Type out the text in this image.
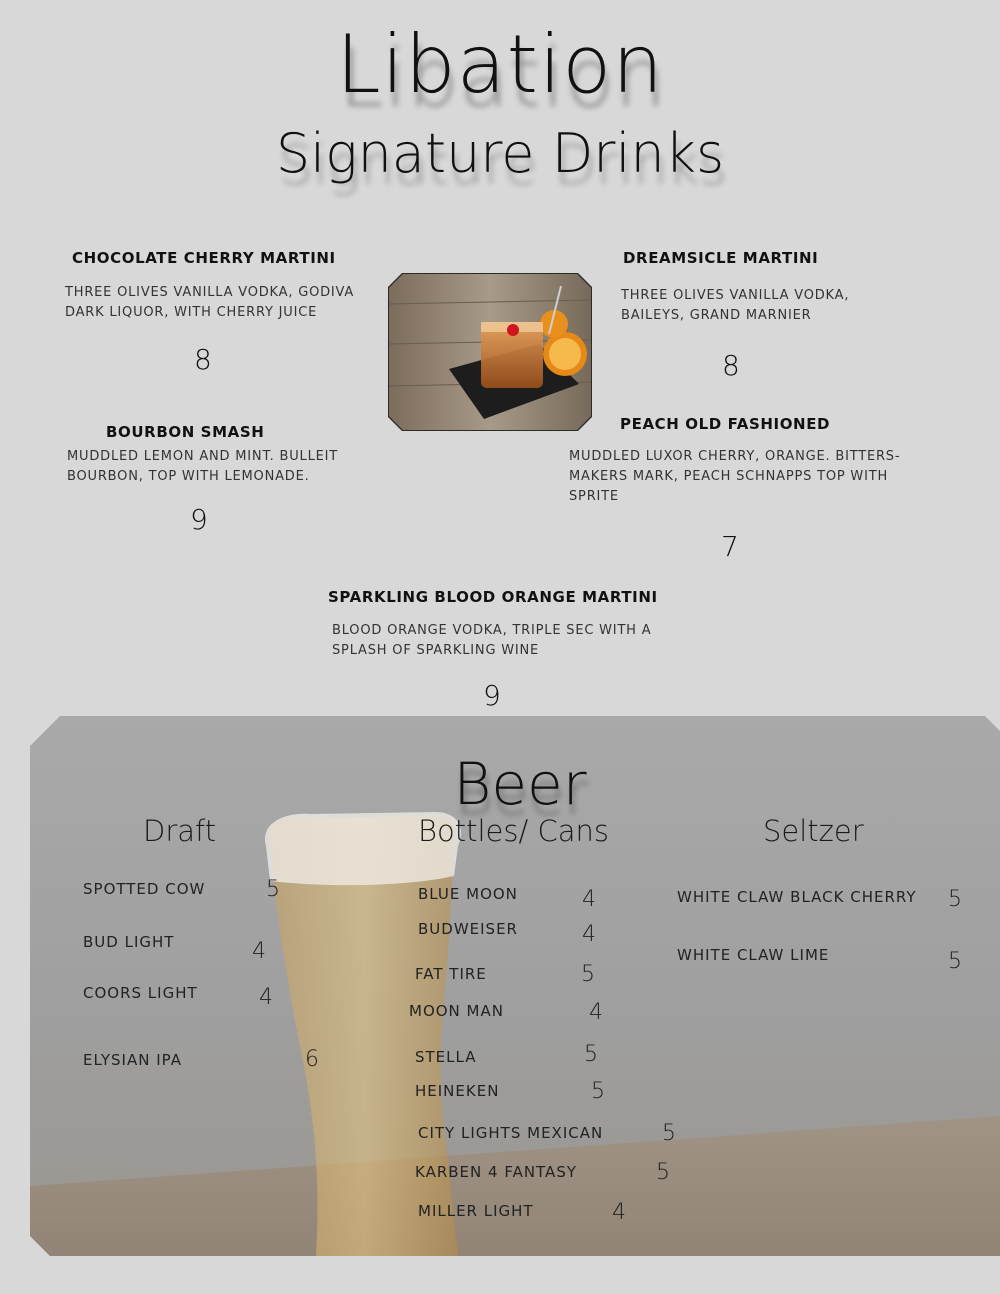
Libation
Signature Drinks
CHOCOLATE CHERRY MARTINI
THREE OLIVES VANILLA VODKA, GODIVA
DARK LIQUOR, WITH CHERRY JUICE
8
DREAMSICLE MARTINI
THREE OLIVES VANILLA VODKA,
BAILEYS, GRAND MARNIER
8
BOURBON SMASH
MUDDLED LEMON AND MINT. BULLEIT
BOURBON, TOP WITH LEMONADE.
9
PEACH OLD FASHIONED
MUDDLED LUXOR CHERRY, ORANGE. BITTERS-
MAKERS MARK, PEACH SCHNAPPS TOP WITH
SPRITE
7
SPARKLING BLOOD ORANGE MARTINI
BLOOD ORANGE VODKA, TRIPLE SEC WITH A
SPLASH OF SPARKLING WINE
9
Beer
Draft	Bottles/ Cans	Seltzer
SPOTTED COW	5
BUD LIGHT	4
COORS LIGHT	4
ELYSIAN IPA	6
BLUE MOON	4
BUDWEISER	4
FAT TIRE	5
MOON MAN	4
STELLA	5
HEINEKEN	5
CITY LIGHTS MEXICAN	5
KARBEN 4 FANTASY	5
MILLER LIGHT	4
WHITE CLAW BLACK CHERRY 5
WHITE CLAW LIME	5
